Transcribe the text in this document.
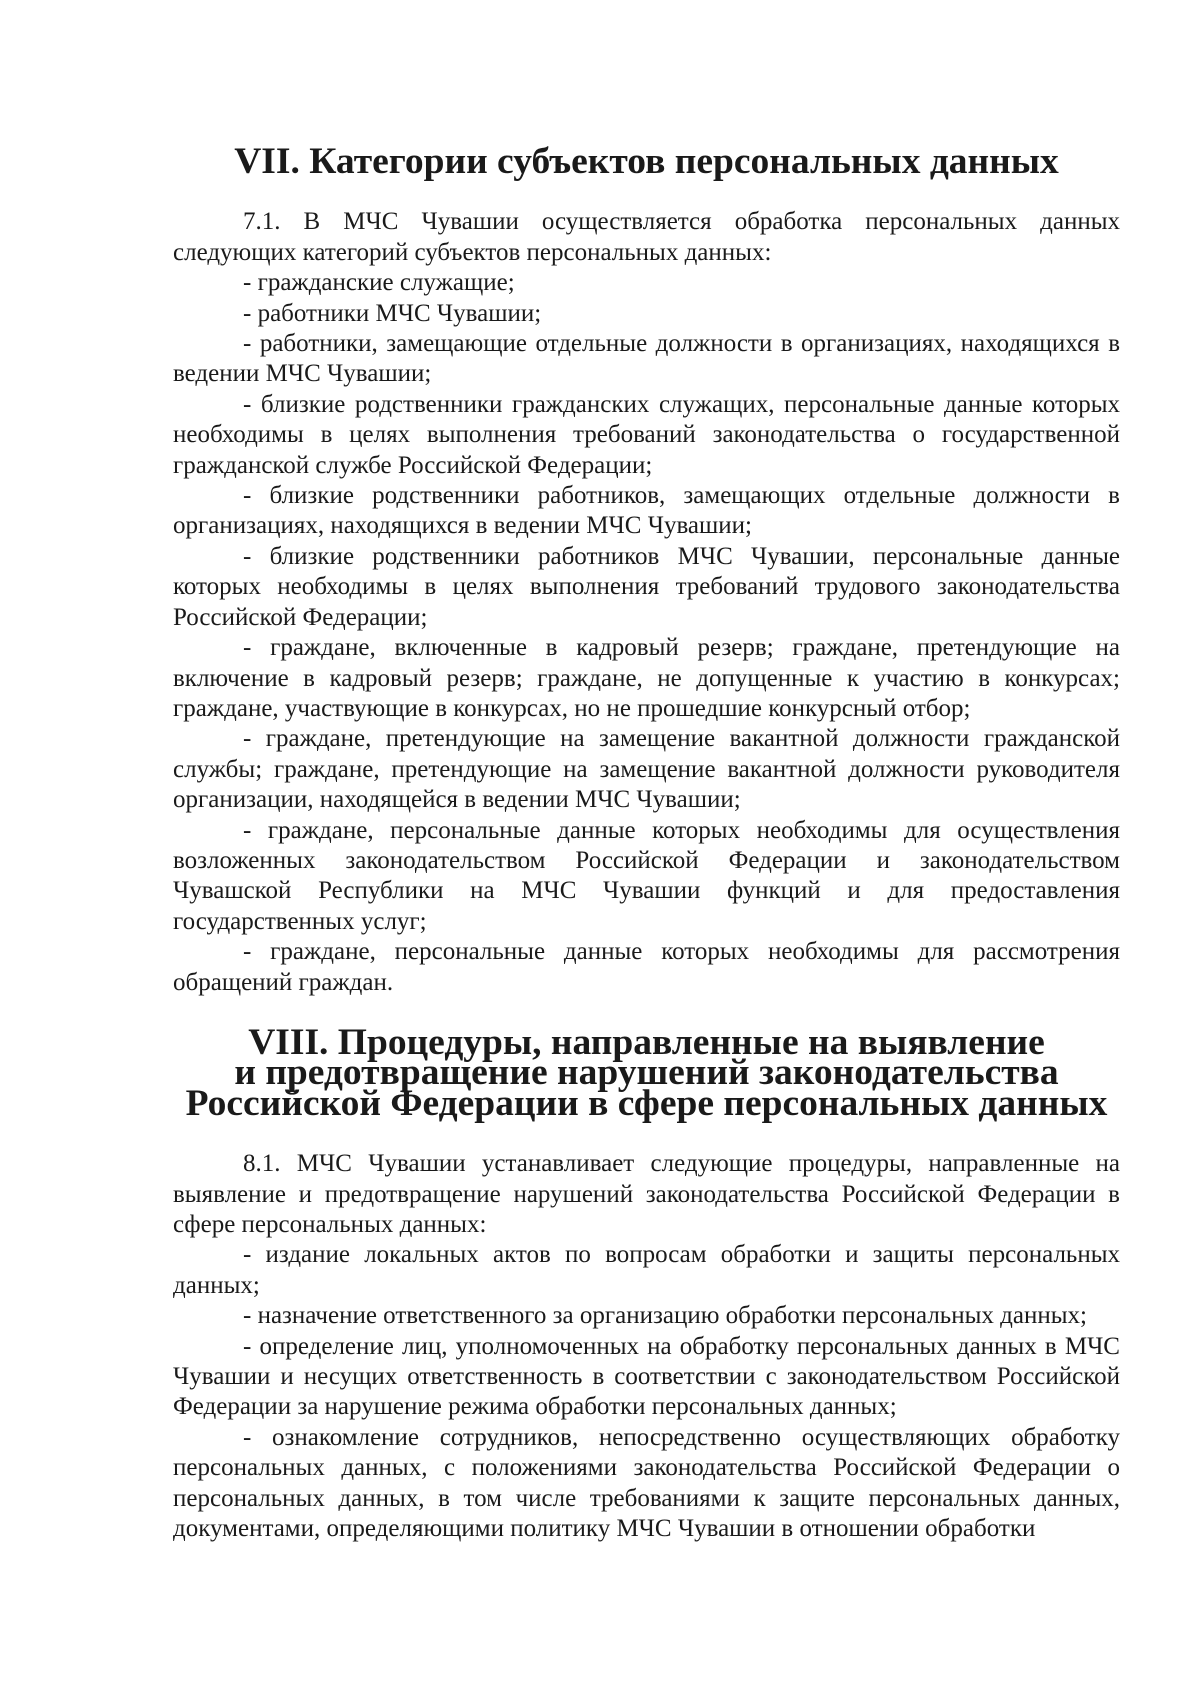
VII. Категории субъектов персональных данных

7.1. В МЧС Чувашии осуществляется обработка персональных данных следующих категорий субъектов персональных данных:

- гражданские служащие;

- работники МЧС Чувашии;

- работники, замещающие отдельные должности в организациях, находящихся в ведении МЧС Чувашии;

- близкие родственники гражданских служащих, персональные данные которых необходимы в целях выполнения требований законодательства о государственной гражданской службе Российской Федерации;

- близкие родственники работников, замещающих отдельные должности в организациях, находящихся в ведении МЧС Чувашии;

- близкие родственники работников МЧС Чувашии, персональные данные которых необходимы в целях выполнения требований трудового законодательства Российской Федерации;

- граждане, включенные в кадровый резерв; граждане, претендующие на включение в кадровый резерв; граждане, не допущенные к участию в конкурсах; граждане, участвующие в конкурсах, но не прошедшие конкурсный отбор;

- граждане, претендующие на замещение вакантной должности гражданской службы; граждане, претендующие на замещение вакантной должности руководителя организации, находящейся в ведении МЧС Чувашии;

- граждане, персональные данные которых необходимы для осуществления возложенных законодательством Российской Федерации и законодательством Чувашской Республики на МЧС Чувашии функций и для предоставления государственных услуг;

- граждане, персональные данные которых необходимы для рассмотрения обращений граждан.

VIII. Процедуры, направленные на выявление
и предотвращение нарушений законодательства
Российской Федерации в сфере персональных данных

8.1. МЧС Чувашии устанавливает следующие процедуры, направленные на выявление и предотвращение нарушений законодательства Российской Федерации в сфере персональных данных:

- издание локальных актов по вопросам обработки и защиты персональных данных;

- назначение ответственного за организацию обработки персональных данных;

- определение лиц, уполномоченных на обработку персональных данных в МЧС Чувашии и несущих ответственность в соответствии с законодательством Российской Федерации за нарушение режима обработки персональных данных;

- ознакомление сотрудников, непосредственно осуществляющих обработку персональных данных, с положениями законодательства Российской Федерации о персональных данных, в том числе требованиями к защите персональных данных, документами, определяющими политику МЧС Чувашии в отношении обработки
